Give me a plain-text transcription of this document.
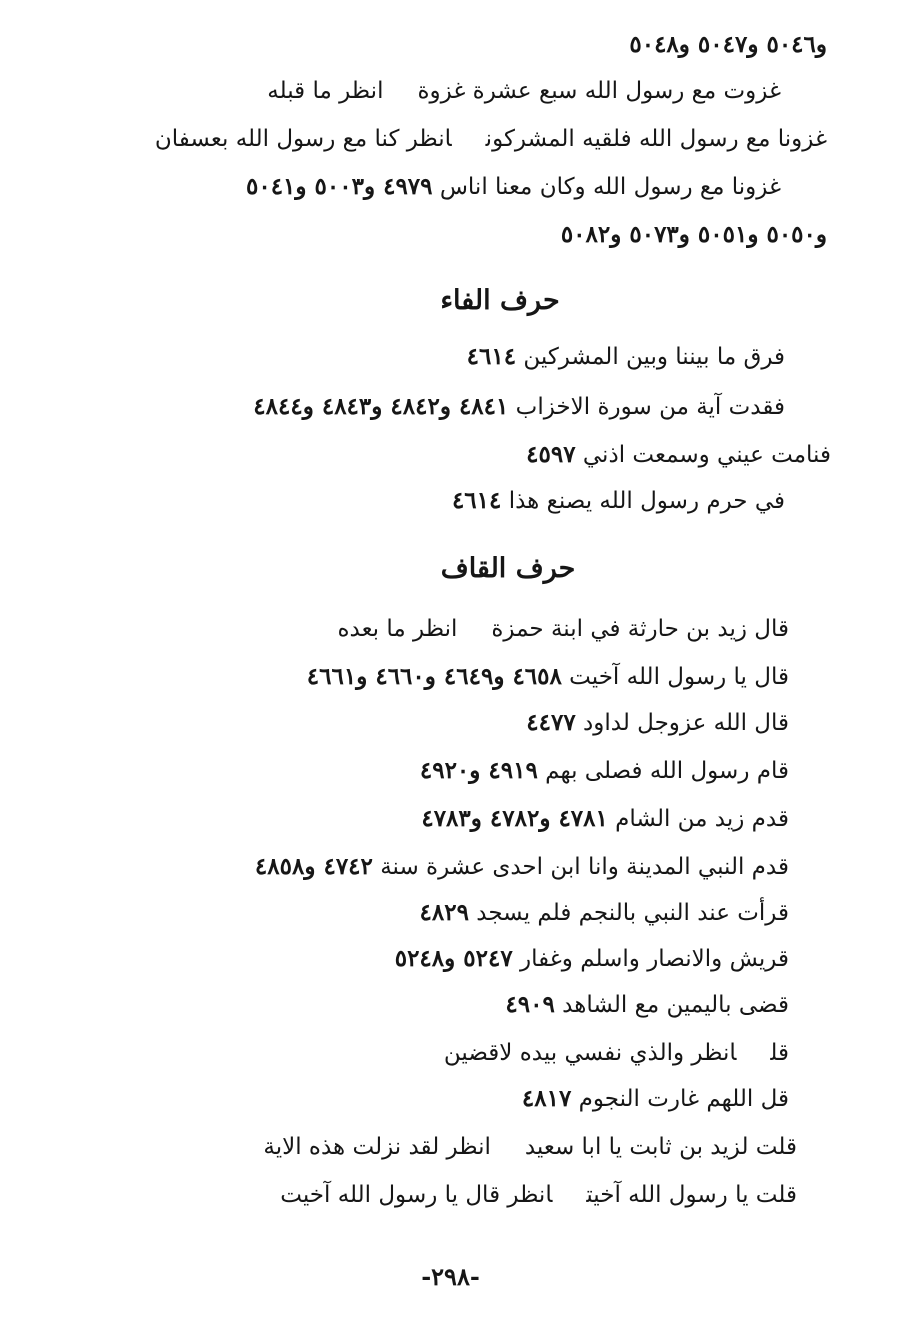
و٥٠٤٦ و٥٠٤٧ و٥٠٤٨
غزوت مع رسول الله سبع عشرة غزوةانظر ما قبله
غزونا مع رسول الله فلقيه المشركونانظر كنا مع رسول الله بعسفان
غزونا مع رسول الله وكان معنا اناس ٤٩٧٩ و٥٠٠٣ و٥٠٤١
و٥٠٥٠ و٥٠٥١ و٥٠٧٣ و٥٠٨٢
حرف الفاء
فرق ما بيننا وبين المشركين ٤٦١٤
فقدت آية من سورة الاخزاب ٤٨٤١ و٤٨٤٢ و٤٨٤٣ و٤٨٤٤
فنامت عيني وسمعت اذني ٤٥٩٧
في حرم رسول الله يصنع هذا ٤٦١٤
حرف القاف
قال زيد بن حارثة في ابنة حمزةانظر ما بعده
قال يا رسول الله آخيت ٤٦٥٨ و٤٦٤٩ و٤٦٦٠ و٤٦٦١
قال الله عزوجل لداود ٤٤٧٧
قام رسول الله فصلى بهم ٤٩١٩ و٤٩٢٠
قدم زيد من الشام ٤٧٨١ و٤٧٨٢ و٤٧٨٣
قدم النبي المدينة وانا ابن احدى عشرة سنة ٤٧٤٢ و٤٨٥٨
قرأت عند النبي بالنجم فلم يسجد ٤٨٢٩
قريش والانصار واسلم وغفار ٥٢٤٧ و٥٢٤٨
قضى باليمين مع الشاهد ٤٩٠٩
قلانظر والذي نفسي بيده لاقضين
قل اللهم غارت النجوم ٤٨١٧
قلت لزيد بن ثابت يا ابا سعيدانظر لقد نزلت هذه الاية
قلت يا رسول الله آخيتانظر قال يا رسول الله آخيت
-٢٩٨-
